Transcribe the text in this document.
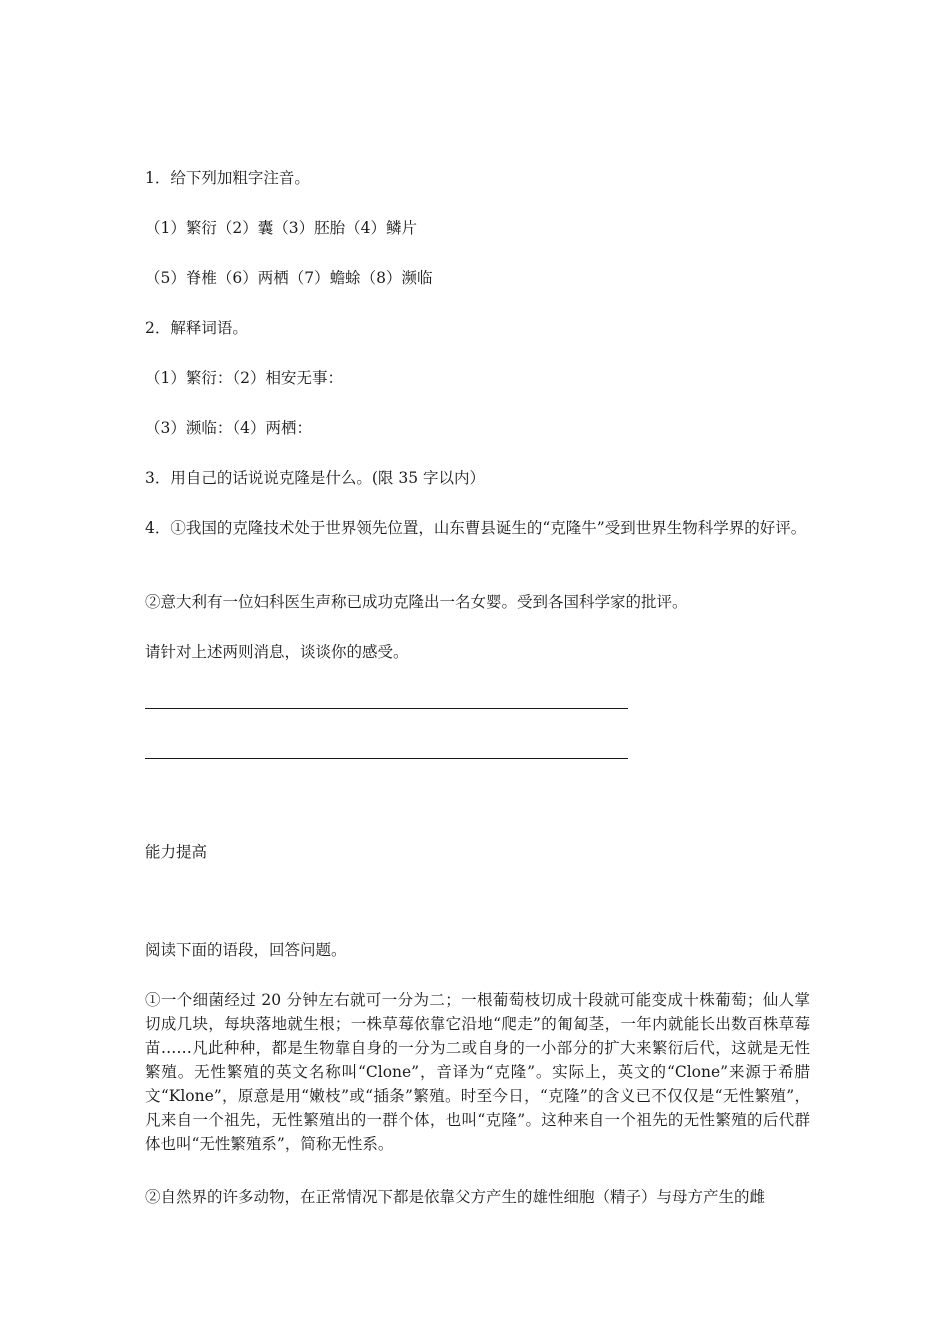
1．给下列加粗字注音。

（1）繁衍（2）囊（3）胚胎（4）鳞片

（5）脊椎（6）两栖（7）蟾蜍（8）濒临

2．解释词语。

（1）繁衍：（2）相安无事：

（3）濒临：（4）两栖：

3．用自己的话说说克隆是什么。(限 35 字以内）

4．①我国的克隆技术处于世界领先位置，山东曹县诞生的“克隆牛”受到世界生物科学界的好评。

②意大利有一位妇科医生声称已成功克隆出一名女婴。受到各国科学家的批评。

请针对上述两则消息，谈谈你的感受。

能力提高

阅读下面的语段，回答问题。

①一个细菌经过 20 分钟左右就可一分为二；一根葡萄枝切成十段就可能变成十株葡萄；仙人掌切成几块，每块落地就生根；一株草莓依靠它沿地“爬走”的匍匐茎，一年内就能长出数百株草莓苗……凡此种种，都是生物靠自身的一分为二或自身的一小部分的扩大来繁衍后代，这就是无性繁殖。无性繁殖的英文名称叫“Clone”，音译为“克隆”。实际上，英文的“Clone”来源于希腊文“Klone”，原意是用“嫩枝”或“插条”繁殖。时至今日，“克隆”的含义已不仅仅是“无性繁殖”，凡来自一个祖先，无性繁殖出的一群个体，也叫“克隆”。这种来自一个祖先的无性繁殖的后代群体也叫“无性繁殖系”，简称无性系。

②自然界的许多动物，在正常情况下都是依靠父方产生的雄性细胞（精子）与母方产生的雌
